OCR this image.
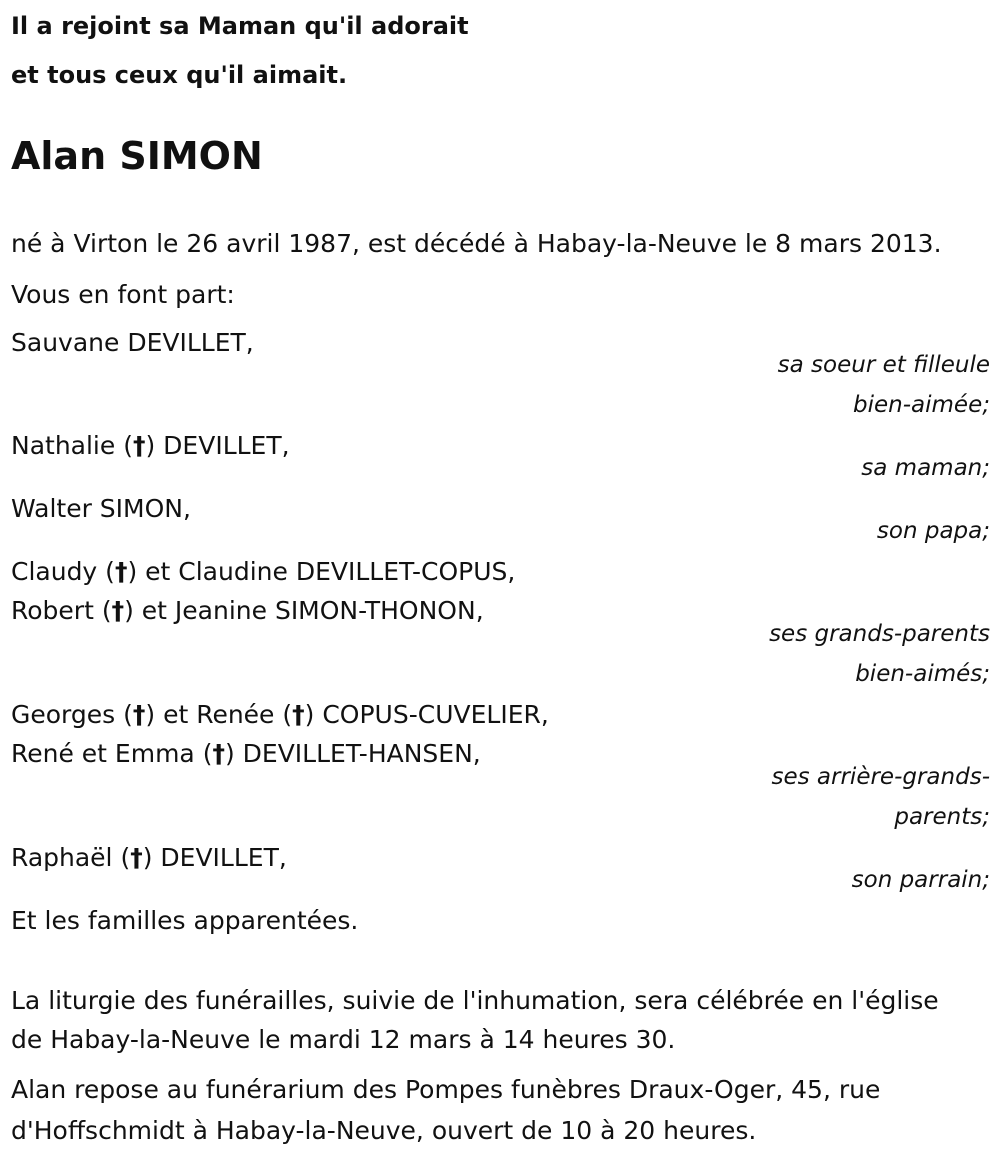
Il a rejoint sa Maman qu'il adorait
et tous ceux qu'il aimait.
Alan SIMON
né à Virton le 26 avril 1987, est décédé à Habay-la-Neuve le 8 mars 2013.
Vous en font part:
Sauvane DEVILLET,
sa soeur et filleule
bien-aimée;
Nathalie (†) DEVILLET,
sa maman;
Walter SIMON,
son papa;
Claudy (†) et Claudine DEVILLET-COPUS,
Robert (†) et Jeanine SIMON-THONON,
ses grands-parents
bien-aimés;
Georges (†) et Renée (†) COPUS-CUVELIER,
René et Emma (†) DEVILLET-HANSEN,
ses arrière-grands-
parents;
Raphaël (†) DEVILLET,
son parrain;
Et les familles apparentées.
La liturgie des funérailles, suivie de l'inhumation, sera célébrée en l'église
de Habay-la-Neuve le mardi 12 mars à 14 heures 30.
Alan repose au funérarium des Pompes funèbres Draux-Oger, 45, rue
d'Hoffschmidt à Habay-la-Neuve, ouvert de 10 à 20 heures.
